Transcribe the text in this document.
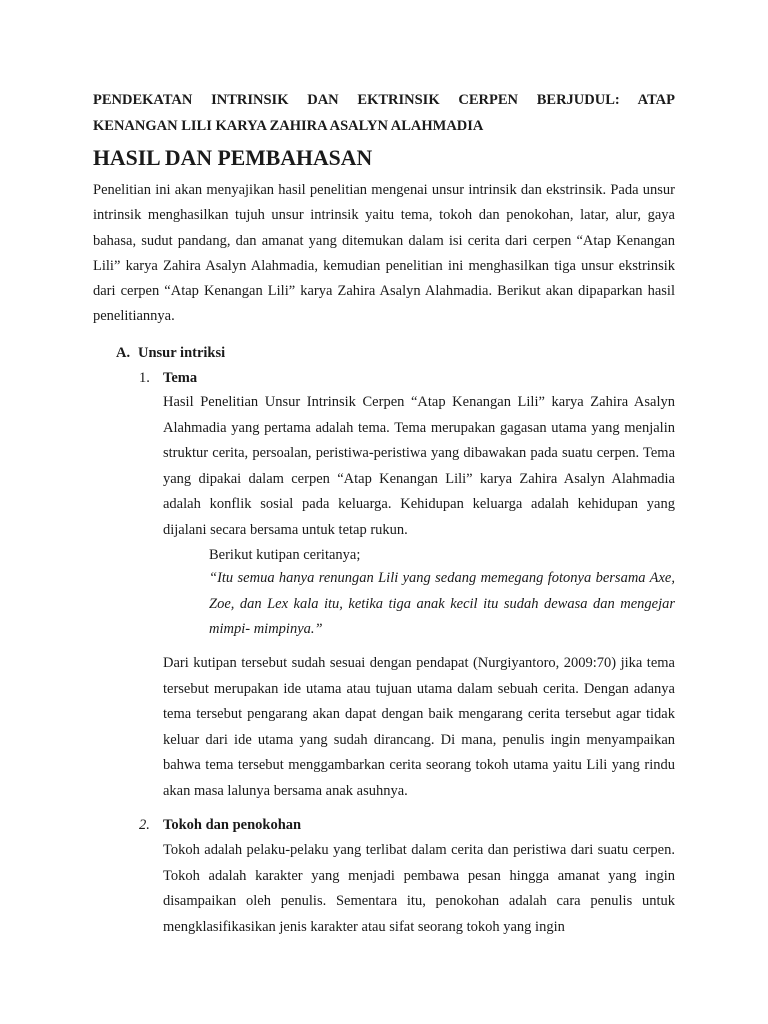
PENDEKATAN INTRINSIK DAN EKTRINSIK CERPEN BERJUDUL: ATAP
KENANGAN LILI KARYA ZAHIRA ASALYN ALAHMADIA
HASIL DAN PEMBAHASAN

Penelitian ini akan menyajikan hasil penelitian mengenai unsur intrinsik dan ekstrinsik. Pada unsur intrinsik menghasilkan tujuh unsur intrinsik yaitu tema, tokoh dan penokohan, latar, alur, gaya bahasa, sudut pandang, dan amanat yang ditemukan dalam isi cerita dari cerpen “Atap Kenangan Lili” karya Zahira Asalyn Alahmadia, kemudian penelitian ini menghasilkan tiga unsur ekstrinsik dari cerpen “Atap Kenangan Lili” karya Zahira Asalyn Alahmadia. Berikut akan dipaparkan hasil penelitiannya.

A. Unsur intriksi
1. Tema

Hasil Penelitian Unsur Intrinsik Cerpen “Atap Kenangan Lili” karya Zahira Asalyn Alahmadia yang pertama adalah tema. Tema merupakan gagasan utama yang menjalin struktur cerita, persoalan, peristiwa-peristiwa yang dibawakan pada suatu cerpen. Tema yang dipakai dalam cerpen “Atap Kenangan Lili” karya Zahira Asalyn Alahmadia adalah konflik sosial pada keluarga. Kehidupan keluarga adalah kehidupan yang dijalani secara bersama untuk tetap rukun.

Berikut kutipan ceritanya;

“Itu semua hanya renungan Lili yang sedang memegang fotonya bersama Axe, Zoe, dan Lex kala itu, ketika tiga anak kecil itu sudah dewasa dan mengejar mimpi- mimpinya.”

Dari kutipan tersebut sudah sesuai dengan pendapat (Nurgiyantoro, 2009:70) jika tema tersebut merupakan ide utama atau tujuan utama dalam sebuah cerita. Dengan adanya tema tersebut pengarang akan dapat dengan baik mengarang cerita tersebut agar tidak keluar dari ide utama yang sudah dirancang. Di mana, penulis ingin menyampaikan bahwa tema tersebut menggambarkan cerita seorang tokoh utama yaitu Lili yang rindu akan masa lalunya bersama anak asuhnya.

2. Tokoh dan penokohan

Tokoh adalah pelaku-pelaku yang terlibat dalam cerita dan peristiwa dari suatu cerpen. Tokoh adalah karakter yang menjadi pembawa pesan hingga amanat yang ingin disampaikan oleh penulis. Sementara itu, penokohan adalah cara penulis untuk mengklasifikasikan jenis karakter atau sifat seorang tokoh yang ingin
